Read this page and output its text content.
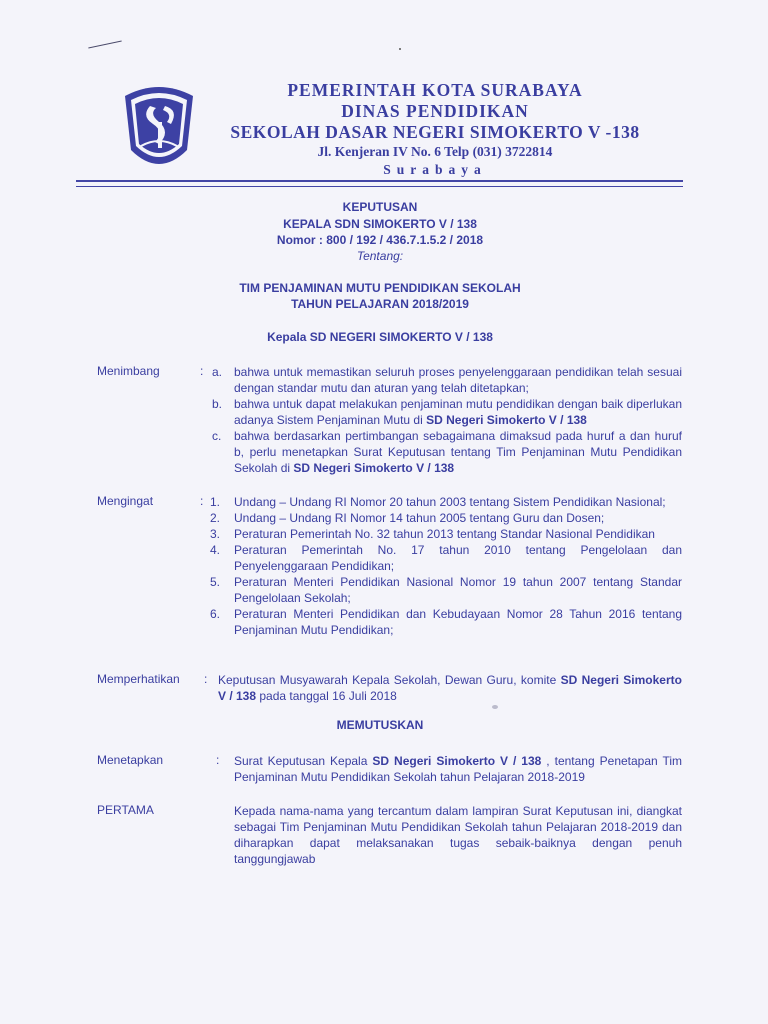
PEMERINTAH KOTA SURABAYA
DINAS PENDIDIKAN
SEKOLAH DASAR NEGERI SIMOKERTO V -138
Jl. Kenjeran IV No. 6 Telp (031) 3722814
Surabaya
KEPUTUSAN
KEPALA SDN SIMOKERTO V / 138
Nomor : 800 / 192 / 436.7.1.5.2 / 2018
Tentang:
TIM PENJAMINAN MUTU PENDIDIKAN SEKOLAH
TAHUN PELAJARAN 2018/2019
Kepala SD NEGERI SIMOKERTO V / 138
Menimbang	: a. bahwa untuk memastikan seluruh proses penyelenggaraan pendidikan telah sesuai dengan standar mutu dan aturan yang telah ditetapkan;
b. bahwa untuk dapat melakukan penjaminan mutu pendidikan dengan baik diperlukan adanya Sistem Penjaminan Mutu di SD Negeri Simokerto V / 138
c. bahwa berdasarkan pertimbangan sebagaimana dimaksud pada huruf a dan huruf b, perlu menetapkan Surat Keputusan tentang Tim Penjaminan Mutu Pendidikan Sekolah di SD Negeri Simokerto V / 138
Mengingat	: 1. Undang – Undang RI Nomor 20 tahun 2003 tentang Sistem Pendidikan Nasional;
2. Undang – Undang RI Nomor 14 tahun 2005 tentang Guru dan Dosen;
3. Peraturan Pemerintah No. 32 tahun 2013 tentang Standar Nasional Pendidikan
4. Peraturan Pemerintah No. 17 tahun 2010 tentang Pengelolaan dan Penyelenggaraan Pendidikan;
5. Peraturan Menteri Pendidikan Nasional Nomor 19 tahun 2007 tentang Standar Pengelolaan Sekolah;
6. Peraturan Menteri Pendidikan dan Kebudayaan Nomor 28 Tahun 2016 tentang Penjaminan Mutu Pendidikan;
Memperhatikan : Keputusan Musyawarah Kepala Sekolah, Dewan Guru, komite SD Negeri Simokerto V / 138 pada tanggal 16 Juli 2018
MEMUTUSKAN
Menetapkan	: Surat Keputusan Kepala SD Negeri Simokerto V / 138 , tentang Penetapan Tim Penjaminan Mutu Pendidikan Sekolah tahun Pelajaran 2018-2019
PERTAMA	Kepada nama-nama yang tercantum dalam lampiran Surat Keputusan ini, diangkat sebagai Tim Penjaminan Mutu Pendidikan Sekolah tahun Pelajaran 2018-2019 dan diharapkan dapat melaksanakan tugas sebaik-baiknya dengan penuh tanggungjawab
